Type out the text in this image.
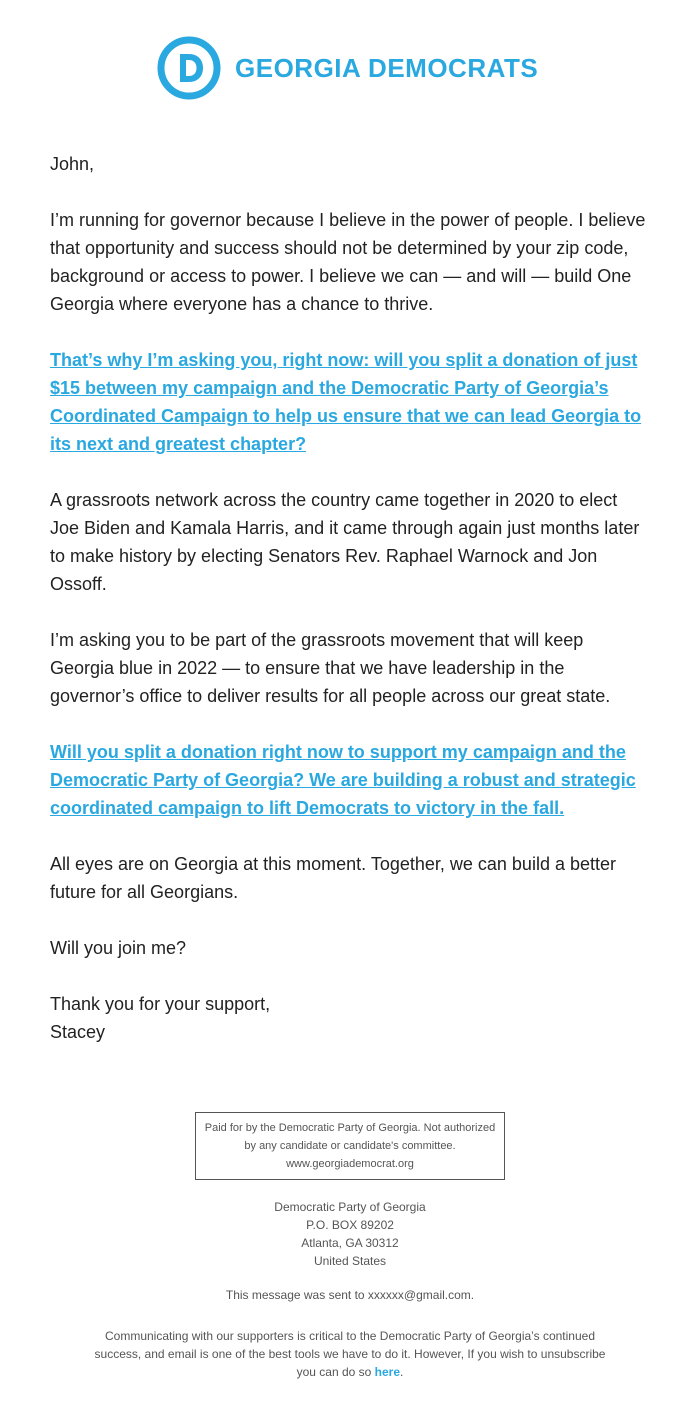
GEORGIA DEMOCRATS

John,

I’m running for governor because I believe in the power of people. I believe that opportunity and success should not be determined by your zip code, background or access to power. I believe we can — and will — build One Georgia where everyone has a chance to thrive.

That’s why I’m asking you, right now: will you split a donation of just $15 between my campaign and the Democratic Party of Georgia’s Coordinated Campaign to help us ensure that we can lead Georgia to its next and greatest chapter?

A grassroots network across the country came together in 2020 to elect Joe Biden and Kamala Harris, and it came through again just months later to make history by electing Senators Rev. Raphael Warnock and Jon Ossoff.

I’m asking you to be part of the grassroots movement that will keep Georgia blue in 2022 — to ensure that we have leadership in the governor’s office to deliver results for all people across our great state.

Will you split a donation right now to support my campaign and the Democratic Party of Georgia? We are building a robust and strategic coordinated campaign to lift Democrats to victory in the fall.

All eyes are on Georgia at this moment. Together, we can build a better future for all Georgians.

Will you join me?

Thank you for your support,

Stacey

Paid for by the Democratic Party of Georgia. Not authorized by any candidate or candidate's committee. www.georgiademocrat.org
Democratic Party of Georgia
P.O. BOX 89202
Atlanta, GA 30312
United States
This message was sent to xxxxxx@gmail.com.
Communicating with our supporters is critical to the Democratic Party of Georgia’s continued success, and email is one of the best tools we have to do it. However, If you wish to unsubscribe you can do so here.
